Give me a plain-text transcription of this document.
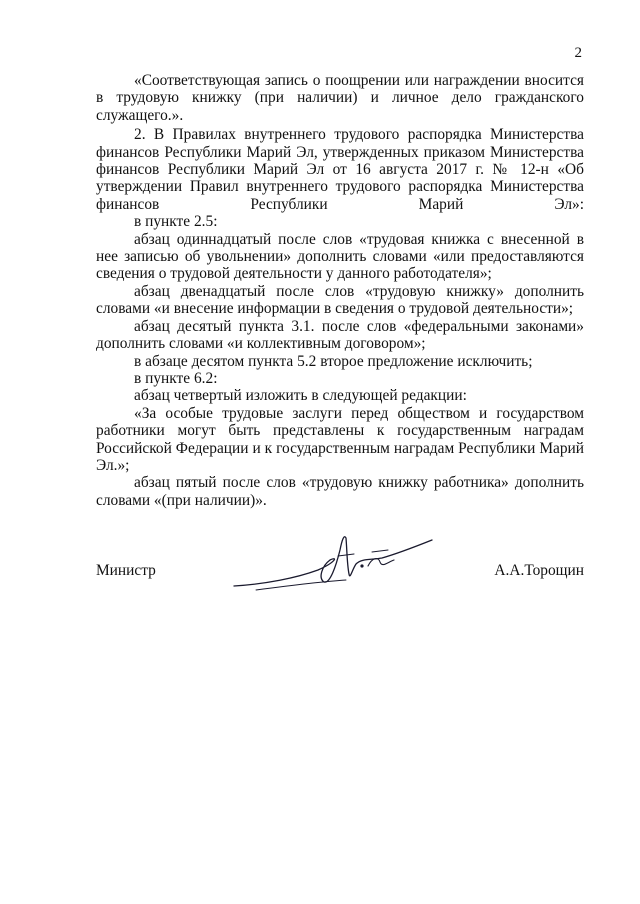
2

«Соответствующая запись о поощрении или награждении вносится в трудовую книжку (при наличии) и личное дело гражданского служащего.».

2. В Правилах внутреннего трудового распорядка Министерства финансов Республики Марий Эл, утвержденных приказом Министерства финансов Республики Марий Эл от 16 августа 2017 г. № 12-н «Об утверждении Правил внутреннего трудового распорядка Министерства финансов Республики Марий Эл»:

в пункте 2.5:

абзац одиннадцатый после слов «трудовая книжка с внесенной в нее записью об увольнении» дополнить словами «или предоставляются сведения о трудовой деятельности у данного работодателя»;

абзац двенадцатый после слов «трудовую книжку» дополнить словами «и внесение информации в сведения о трудовой деятельности»;

абзац десятый пункта 3.1. после слов «федеральными законами» дополнить словами «и коллективным договором»;

в абзаце десятом пункта 5.2 второе предложение исключить;

в пункте 6.2:

абзац четвертый изложить в следующей редакции:

«За особые трудовые заслуги перед обществом и государством работники могут быть представлены к государственным наградам Российской Федерации и к государственным наградам Республики Марий Эл.»;

абзац пятый после слов «трудовую книжку работника» дополнить словами «(при наличии)».

Министр	А.А.Торощин
